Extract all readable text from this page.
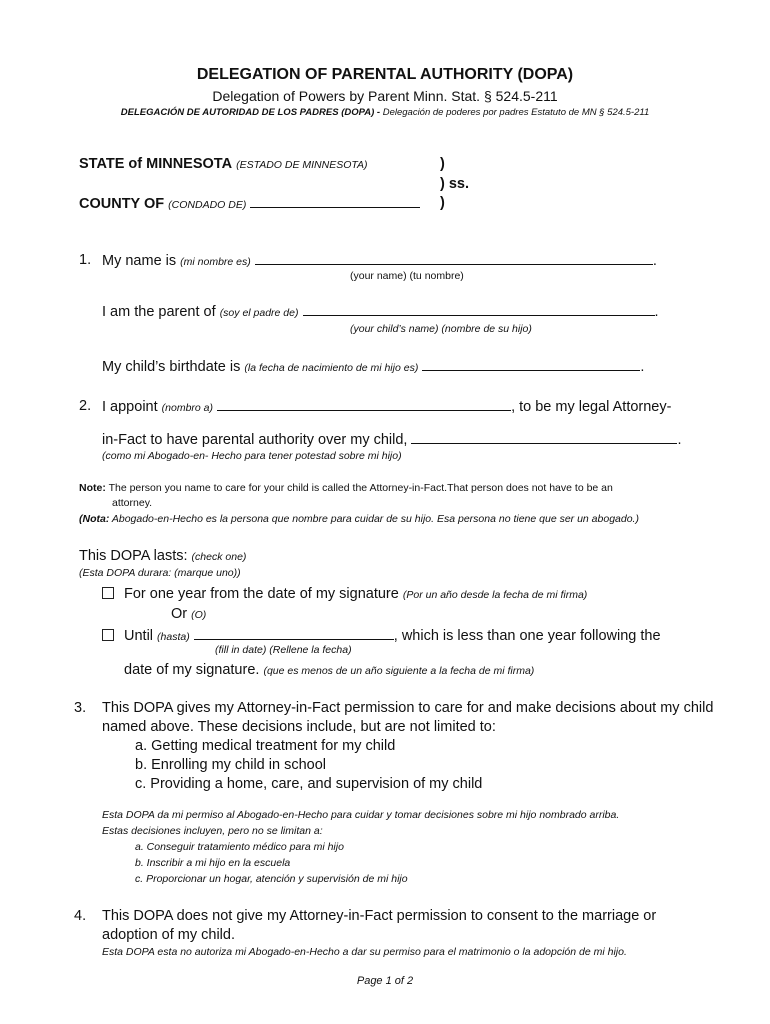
DELEGATION OF PARENTAL AUTHORITY (DOPA)
Delegation of Powers by Parent Minn. Stat. § 524.5-211
DELEGACIÓN DE AUTORIDAD DE LOS PADRES (DOPA) - Delegación de poderes por padres Estatuto de MN § 524.5-211
STATE of MINNESOTA (ESTADO DE MINNESOTA)	)
) ss.
)
COUNTY OF (CONDADO DE)
1. My name is (mi nombre es)	.
(your name) (tu nombre)
I am the parent of (soy el padre de)	.
(your child’s name) (nombre de su hijo)
My child’s birthdate is (la fecha de nacimiento de mi hijo es)	.
2. I appoint (nombro a)	, to be my legal Attorney-
in-Fact to have parental authority over my child,	.
(como mi Abogado-en- Hecho para tener potestad sobre mi hijo)
Note: The person you name to care for your child is called the Attorney-in-Fact.That person does not have to be an
attorney.
(Nota: Abogado-en-Hecho es la persona que nombre para cuidar de su hijo. Esa persona no tiene que ser un abogado.)
This DOPA lasts: (check one)
(Esta DOPA durara: (marque uno))
For one year from the date of my signature (Por un año desde la fecha de mi firma)
Or (O)
Until (hasta)	, which is less than one year following the
(fill in date) (Rellene la fecha)
date of my signature. (que es menos de un año siguiente a la fecha de mi firma)
3. This DOPA gives my Attorney-in-Fact permission to care for and make decisions about my child
named above. These decisions include, but are not limited to:
a. Getting medical treatment for my child
b. Enrolling my child in school
c. Providing a home, care, and supervision of my child
Esta DOPA da mi permiso al Abogado-en-Hecho para cuidar y tomar decisiones sobre mi hijo nombrado arriba.
Estas decisiones incluyen, pero no se limitan a:
a. Conseguir tratamiento médico para mi hijo
b. Inscribir a mi hijo en la escuela
c. Proporcionar un hogar, atención y supervisión de mi hijo
4. This DOPA does not give my Attorney-in-Fact permission to consent to the marriage or
adoption of my child.
Esta DOPA esta no autoriza mi Abogado-en-Hecho a dar su permiso para el matrimonio o la adopción de mi hijo.
Page 1 of 2
